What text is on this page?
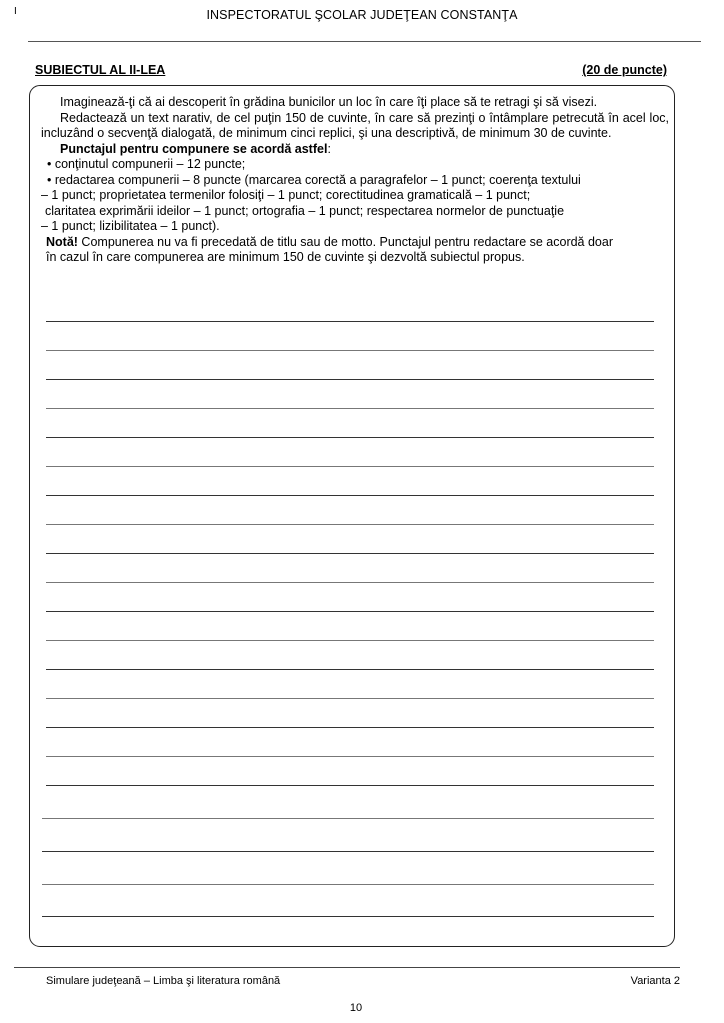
I	INSPECTORATUL ŞCOLAR JUDEŢEAN CONSTANŢA
SUBIECTUL AL II-LEA	(20 de puncte)

Imaginează-ţi că ai descoperit în grădina bunicilor un loc în care îţi place să te retragi şi să visezi.

Redactează un text narativ, de cel puţin 150 de cuvinte, în care să prezinţi o întâmplare petrecută în acel loc, incluzând o secvenţă dialogată, de minimum cinci replici, şi una descriptivă, de minimum 30 de cuvinte.

Punctajul pentru compunere se acordă astfel:

• conţinutul compunerii – 12 puncte;

• redactarea compunerii – 8 puncte (marcarea corectă a paragrafelor – 1 punct; coerenţa textului

– 1 punct; proprietatea termenilor folosiţi – 1 punct; corectitudinea gramaticală – 1 punct;

claritatea exprimării ideilor – 1 punct; ortografia – 1 punct; respectarea normelor de punctuaţie

– 1 punct; lizibilitatea – 1 punct).

Notă! Compunerea nu va fi precedată de titlu sau de motto. Punctajul pentru redactare se acordă doar

în cazul în care compunerea are minimum 150 de cuvinte şi dezvoltă subiectul propus.

Simulare judeţeană – Limba şi literatura română	Varianta 2
10
